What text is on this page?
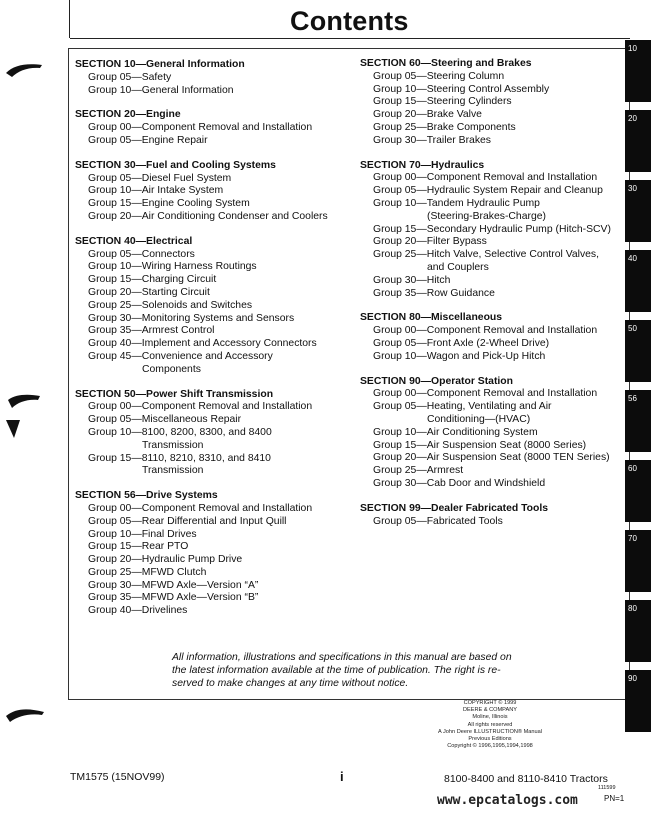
Contents
SECTION 10—General Information
Group 05—Safety
Group 10—General Information
SECTION 20—Engine
Group 00—Component Removal and Installation
Group 05—Engine Repair
SECTION 30—Fuel and Cooling Systems
Group 05—Diesel Fuel System
Group 10—Air Intake System
Group 15—Engine Cooling System
Group 20—Air Conditioning Condenser and Coolers
SECTION 40—Electrical
Group 05—Connectors
Group 10—Wiring Harness Routings
Group 15—Charging Circuit
Group 20—Starting Circuit
Group 25—Solenoids and Switches
Group 30—Monitoring Systems and Sensors
Group 35—Armrest Control
Group 40—Implement and Accessory Connectors
Group 45—Convenience and Accessory
Components
SECTION 50—Power Shift Transmission
Group 00—Component Removal and Installation
Group 05—Miscellaneous Repair
Group 10—8100, 8200, 8300, and 8400
Transmission
Group 15—8110, 8210, 8310, and 8410
Transmission
SECTION 56—Drive Systems
Group 00—Component Removal and Installation
Group 05—Rear Differential and Input Quill
Group 10—Final Drives
Group 15—Rear PTO
Group 20—Hydraulic Pump Drive
Group 25—MFWD Clutch
Group 30—MFWD Axle—Version “A”
Group 35—MFWD Axle—Version “B”
Group 40—Drivelines
SECTION 60—Steering and Brakes
Group 05—Steering Column
Group 10—Steering Control Assembly
Group 15—Steering Cylinders
Group 20—Brake Valve
Group 25—Brake Components
Group 30—Trailer Brakes
SECTION 70—Hydraulics
Group 00—Component Removal and Installation
Group 05—Hydraulic System Repair and Cleanup
Group 10—Tandem Hydraulic Pump
(Steering-Brakes-Charge)
Group 15—Secondary Hydraulic Pump (Hitch-SCV)
Group 20—Filter Bypass
Group 25—Hitch Valve, Selective Control Valves,
and Couplers
Group 30—Hitch
Group 35—Row Guidance
SECTION 80—Miscellaneous
Group 00—Component Removal and Installation
Group 05—Front Axle (2-Wheel Drive)
Group 10—Wagon and Pick-Up Hitch
SECTION 90—Operator Station
Group 00—Component Removal and Installation
Group 05—Heating, Ventilating and Air
Conditioning—(HVAC)
Group 10—Air Conditioning System
Group 15—Air Suspension Seat (8000 Series)
Group 20—Air Suspension Seat (8000 TEN Series)
Group 25—Armrest
Group 30—Cab Door and Windshield
SECTION 99—Dealer Fabricated Tools
Group 05—Fabricated Tools
All information, illustrations and specifications in this manual are based on
the latest information available at the time of publication. The right is re-
served to make changes at any time without notice.
COPYRIGHT © 1999
DEERE & COMPANY
Moline, Illinois
All rights reserved
A John Deere ILLUSTRUCTION® Manual
Previous Editions
Copyright © 1996,1995,1994,1998
TM1575 (15NOV99)	i	8100-8400 and 8110-8410 Tractors
111599
PN=1
www.epcatalogs.com
10
20
30
40
50
56
60
70
80
90
